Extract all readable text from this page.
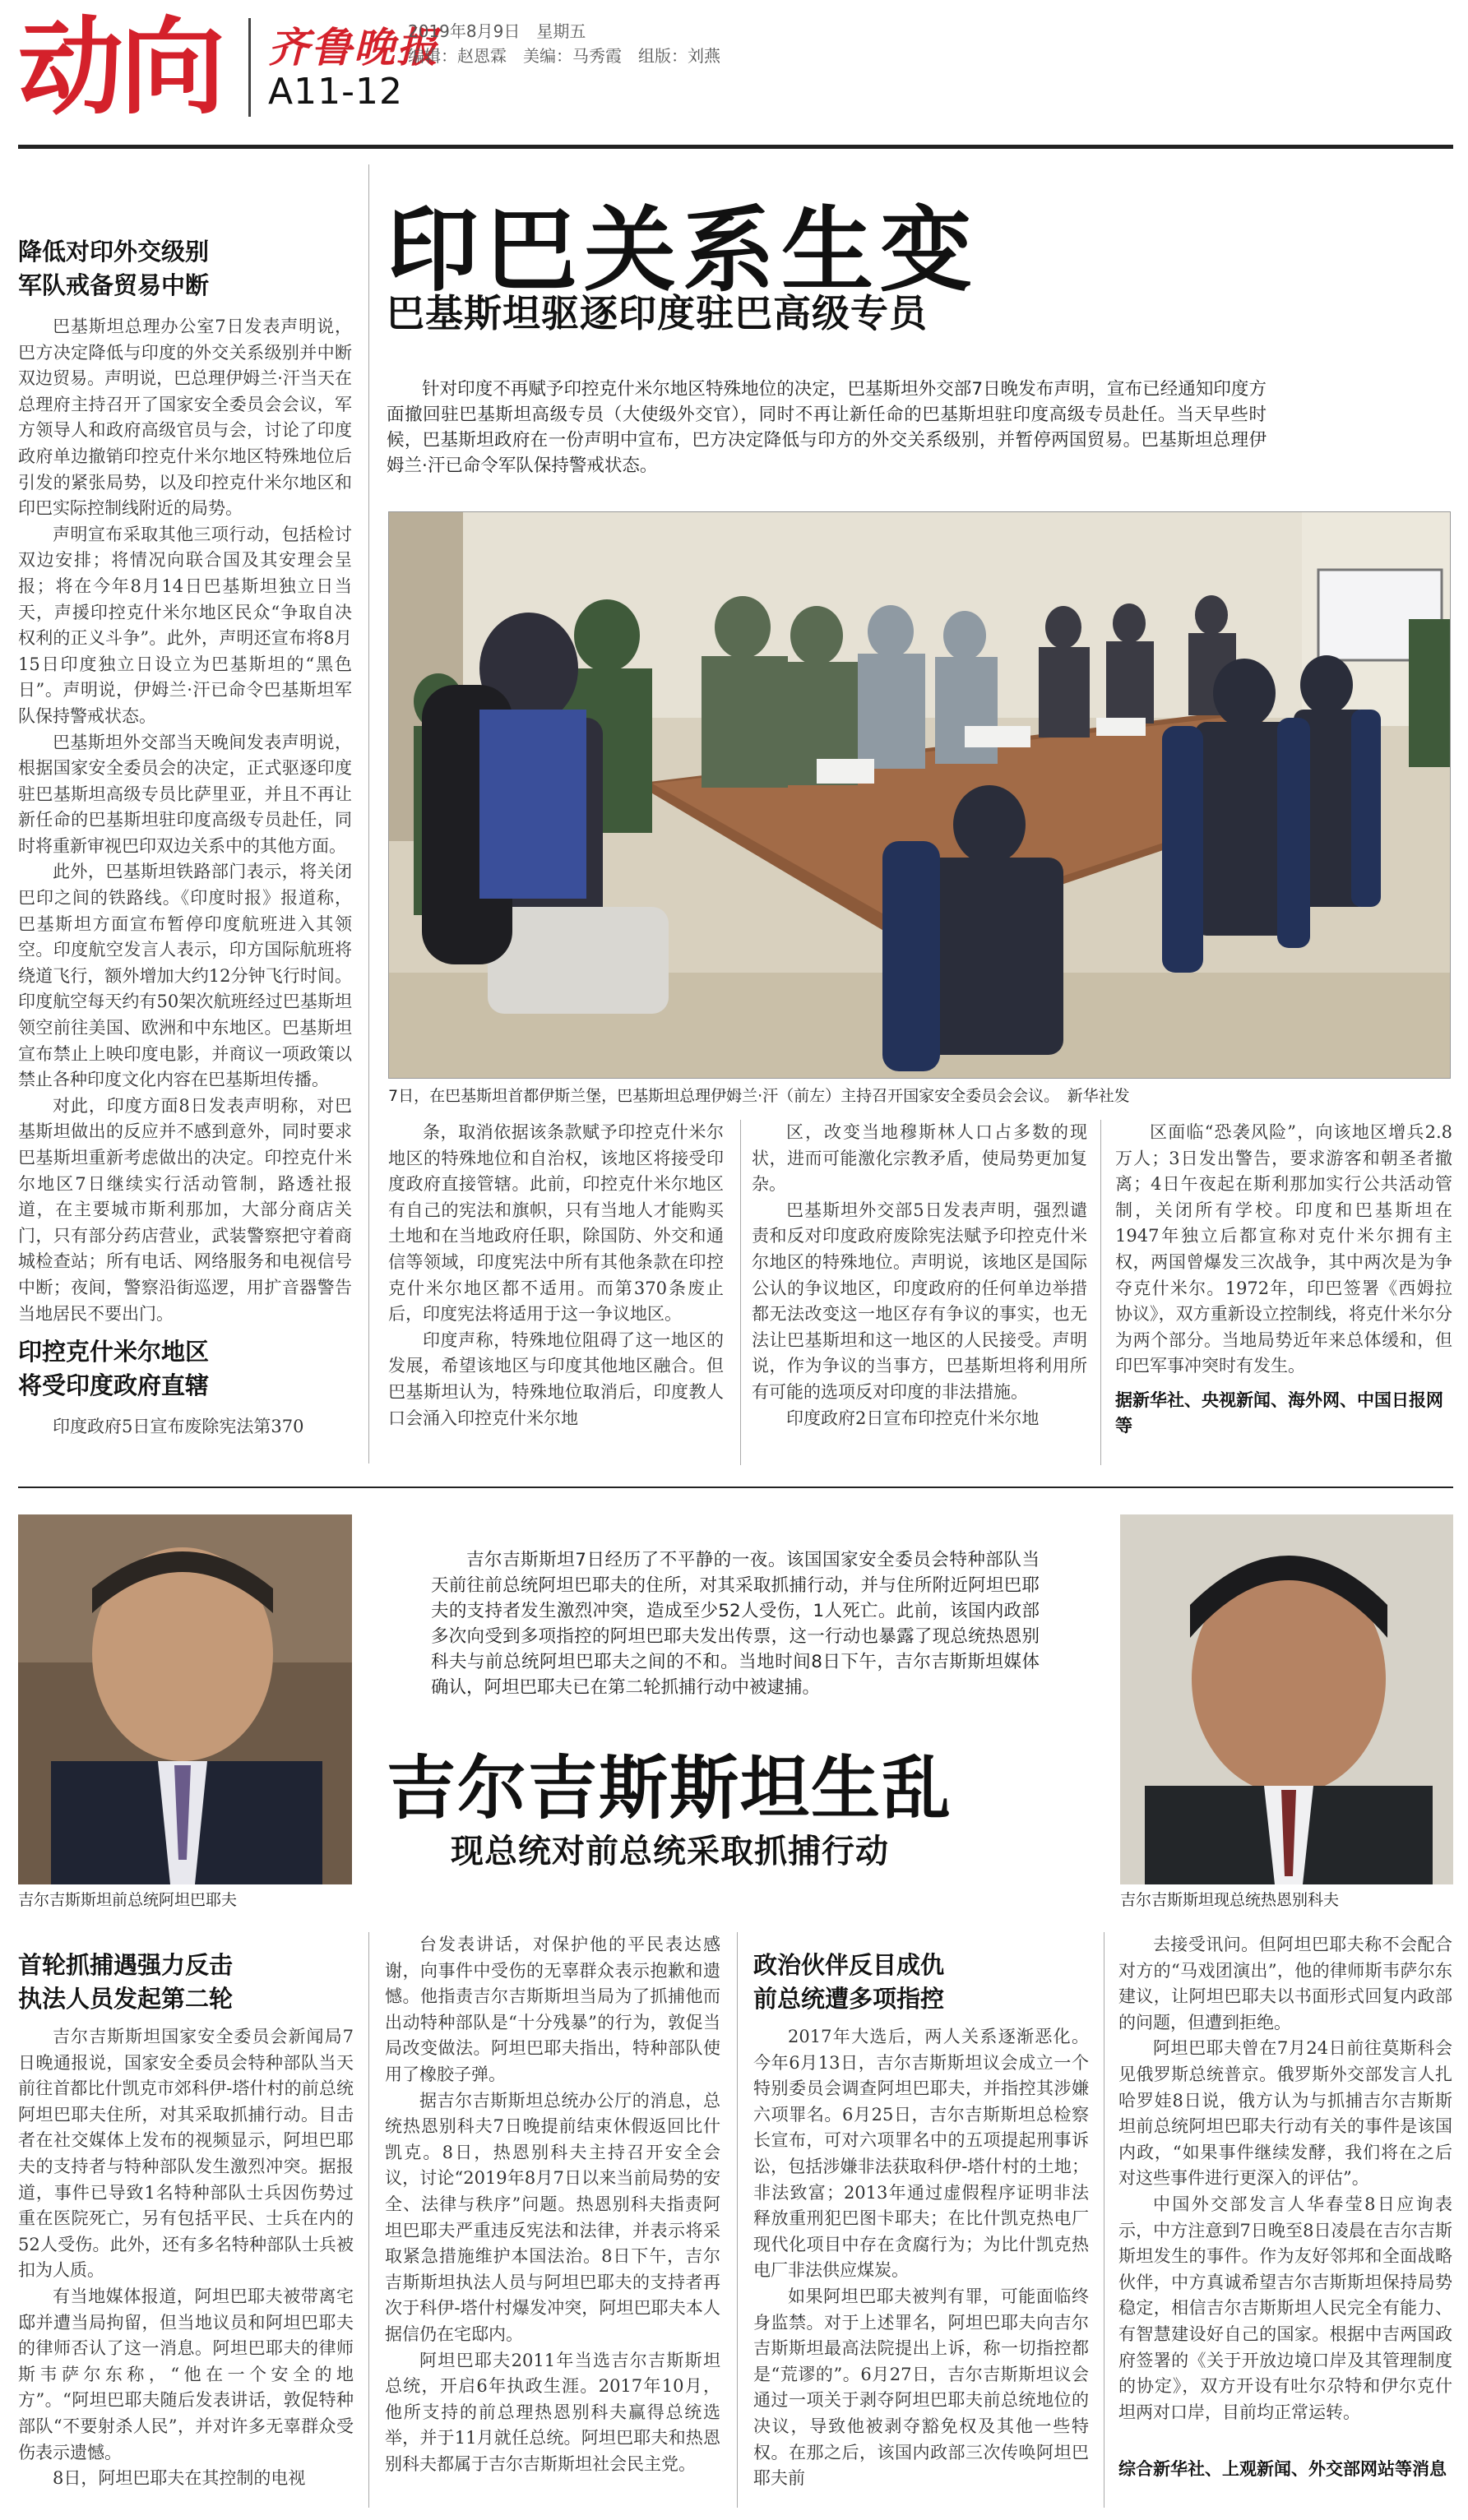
动向 齐鲁晚报
A11-12
2019年8月9日　星期五
编辑：赵恩霖　美编：马秀霞　组版：刘燕
降低对印外交级别
军队戒备贸易中断

巴基斯坦总理办公室7日发表声明说，巴方决定降低与印度的外交关系级别并中断双边贸易。声明说，巴总理伊姆兰·汗当天在总理府主持召开了国家安全委员会会议，军方领导人和政府高级官员与会，讨论了印度政府单边撤销印控克什米尔地区特殊地位后引发的紧张局势，以及印控克什米尔地区和印巴实际控制线附近的局势。

声明宣布采取其他三项行动，包括检讨双边安排；将情况向联合国及其安理会呈报；将在今年8月14日巴基斯坦独立日当天，声援印控克什米尔地区民众“争取自决权利的正义斗争”。此外，声明还宣布将8月15日印度独立日设立为巴基斯坦的“黑色日”。声明说，伊姆兰·汗已命令巴基斯坦军队保持警戒状态。

巴基斯坦外交部当天晚间发表声明说，根据国家安全委员会的决定，正式驱逐印度驻巴基斯坦高级专员比萨里亚，并且不再让新任命的巴基斯坦驻印度高级专员赴任，同时将重新审视巴印双边关系中的其他方面。

此外，巴基斯坦铁路部门表示，将关闭巴印之间的铁路线。《印度时报》报道称，巴基斯坦方面宣布暂停印度航班进入其领空。印度航空发言人表示，印方国际航班将绕道飞行，额外增加大约12分钟飞行时间。印度航空每天约有50架次航班经过巴基斯坦领空前往美国、欧洲和中东地区。巴基斯坦宣布禁止上映印度电影，并商议一项政策以禁止各种印度文化内容在巴基斯坦传播。

对此，印度方面8日发表声明称，对巴基斯坦做出的反应并不感到意外，同时要求巴基斯坦重新考虑做出的决定。印控克什米尔地区7日继续实行活动管制，路透社报道，在主要城市斯利那加，大部分商店关门，只有部分药店营业，武装警察把守着商城检查站；所有电话、网络服务和电视信号中断；夜间，警察沿街巡逻，用扩音器警告当地居民不要出门。

印控克什米尔地区
将受印度政府直辖
印度政府5日宣布废除宪法第370
印巴关系生变
巴基斯坦驱逐印度驻巴高级专员
针对印度不再赋予印控克什米尔地区特殊地位的决定，巴基斯坦外交部7日晚发布声明，宣布已经通知印度方面撤回驻巴基斯坦高级专员（大使级外交官），同时不再让新任命的巴基斯坦驻印度高级专员赴任。当天早些时候，巴基斯坦政府在一份声明中宣布，巴方决定降低与印方的外交关系级别，并暂停两国贸易。巴基斯坦总理伊姆兰·汗已命令军队保持警戒状态。
7日，在巴基斯坦首都伊斯兰堡，巴基斯坦总理伊姆兰·汗（前左）主持召开国家安全委员会会议。　新华社发

条，取消依据该条款赋予印控克什米尔地区的特殊地位和自治权，该地区将接受印度政府直接管辖。此前，印控克什米尔地区有自己的宪法和旗帜，只有当地人才能购买土地和在当地政府任职，除国防、外交和通信等领域，印度宪法中所有其他条款在印控克什米尔地区都不适用。而第370条废止后，印度宪法将适用于这一争议地区。

印度声称，特殊地位阻碍了这一地区的发展，希望该地区与印度其他地区融合。但巴基斯坦认为，特殊地位取消后，印度教人口会涌入印控克什米尔地

区，改变当地穆斯林人口占多数的现状，进而可能激化宗教矛盾，使局势更加复杂。

巴基斯坦外交部5日发表声明，强烈谴责和反对印度政府废除宪法赋予印控克什米尔地区的特殊地位。声明说，该地区是国际公认的争议地区，印度政府的任何单边举措都无法改变这一地区存有争议的事实，也无法让巴基斯坦和这一地区的人民接受。声明说，作为争议的当事方，巴基斯坦将利用所有可能的选项反对印度的非法措施。

印度政府2日宣布印控克什米尔地

区面临“恐袭风险”，向该地区增兵2.8万人；3日发出警告，要求游客和朝圣者撤离；4日午夜起在斯利那加实行公共活动管制，关闭所有学校。印度和巴基斯坦在1947年独立后都宣称对克什米尔拥有主权，两国曾爆发三次战争，其中两次是为争夺克什米尔。1972年，印巴签署《西姆拉协议》，双方重新设立控制线，将克什米尔分为两个部分。当地局势近年来总体缓和，但印巴军事冲突时有发生。

据新华社、央视新闻、海外网、中国日报网等
吉尔吉斯斯坦前总统阿坦巴耶夫	吉尔吉斯斯坦现总统热恩别科夫
吉尔吉斯斯坦7日经历了不平静的一夜。该国国家安全委员会特种部队当天前往前总统阿坦巴耶夫的住所，对其采取抓捕行动，并与住所附近阿坦巴耶夫的支持者发生激烈冲突，造成至少52人受伤，1人死亡。此前，该国内政部多次向受到多项指控的阿坦巴耶夫发出传票，这一行动也暴露了现总统热恩别科夫与前总统阿坦巴耶夫之间的不和。当地时间8日下午，吉尔吉斯斯坦媒体确认，阿坦巴耶夫已在第二轮抓捕行动中被逮捕。
吉尔吉斯斯坦生乱
现总统对前总统采取抓捕行动
首轮抓捕遇强力反击
执法人员发起第二轮

吉尔吉斯斯坦国家安全委员会新闻局7日晚通报说，国家安全委员会特种部队当天前往首都比什凯克市郊科伊-塔什村的前总统阿坦巴耶夫住所，对其采取抓捕行动。目击者在社交媒体上发布的视频显示，阿坦巴耶夫的支持者与特种部队发生激烈冲突。据报道，事件已导致1名特种部队士兵因伤势过重在医院死亡，另有包括平民、士兵在内的52人受伤。此外，还有多名特种部队士兵被扣为人质。

有当地媒体报道，阿坦巴耶夫被带离宅邸并遭当局拘留，但当地议员和阿坦巴耶夫的律师否认了这一消息。阿坦巴耶夫的律师斯韦萨尔东称，“他在一个安全的地方”。“阿坦巴耶夫随后发表讲话，敦促特种部队“不要射杀人民”，并对许多无辜群众受伤表示遗憾。

8日，阿坦巴耶夫在其控制的电视

台发表讲话，对保护他的平民表达感谢，向事件中受伤的无辜群众表示抱歉和遗憾。他指责吉尔吉斯斯坦当局为了抓捕他而出动特种部队是“十分残暴”的行为，敦促当局改变做法。阿坦巴耶夫指出，特种部队使用了橡胶子弹。

据吉尔吉斯斯坦总统办公厅的消息，总统热恩别科夫7日晚提前结束休假返回比什凯克。8日，热恩别科夫主持召开安全会议，讨论“2019年8月7日以来当前局势的安全、法律与秩序”问题。热恩别科夫指责阿坦巴耶夫严重违反宪法和法律，并表示将采取紧急措施维护本国法治。8日下午，吉尔吉斯斯坦执法人员与阿坦巴耶夫的支持者再次于科伊-塔什村爆发冲突，阿坦巴耶夫本人据信仍在宅邸内。

阿坦巴耶夫2011年当选吉尔吉斯斯坦总统，开启6年执政生涯。2017年10月，他所支持的前总理热恩别科夫赢得总统选举，并于11月就任总统。阿坦巴耶夫和热恩别科夫都属于吉尔吉斯斯坦社会民主党。

政治伙伴反目成仇
前总统遭多项指控

2017年大选后，两人关系逐渐恶化。今年6月13日，吉尔吉斯斯坦议会成立一个特别委员会调查阿坦巴耶夫，并指控其涉嫌六项罪名。6月25日，吉尔吉斯斯坦总检察长宣布，可对六项罪名中的五项提起刑事诉讼，包括涉嫌非法获取科伊-塔什村的土地；非法致富；2013年通过虚假程序证明非法释放重刑犯巴图卡耶夫；在比什凯克热电厂现代化项目中存在贪腐行为；为比什凯克热电厂非法供应煤炭。

如果阿坦巴耶夫被判有罪，可能面临终身监禁。对于上述罪名，阿坦巴耶夫向吉尔吉斯斯坦最高法院提出上诉，称一切指控都是“荒谬的”。6月27日，吉尔吉斯斯坦议会通过一项关于剥夺阿坦巴耶夫前总统地位的决议，导致他被剥夺豁免权及其他一些特权。在那之后，该国内政部三次传唤阿坦巴耶夫前

去接受讯问。但阿坦巴耶夫称不会配合对方的“马戏团演出”，他的律师斯韦萨尔东建议，让阿坦巴耶夫以书面形式回复内政部的问题，但遭到拒绝。

阿坦巴耶夫曾在7月24日前往莫斯科会见俄罗斯总统普京。俄罗斯外交部发言人扎哈罗娃8日说，俄方认为与抓捕吉尔吉斯斯坦前总统阿坦巴耶夫行动有关的事件是该国内政，“如果事件继续发酵，我们将在之后对这些事件进行更深入的评估”。

中国外交部发言人华春莹8日应询表示，中方注意到7日晚至8日凌晨在吉尔吉斯斯坦发生的事件。作为友好邻邦和全面战略伙伴，中方真诚希望吉尔吉斯斯坦保持局势稳定，相信吉尔吉斯斯坦人民完全有能力、有智慧建设好自己的国家。根据中吉两国政府签署的《关于开放边境口岸及其管理制度的协定》，双方开设有吐尔尕特和伊尔克什坦两对口岸，目前均正常运转。

综合新华社、上观新闻、外交部网站等消息
